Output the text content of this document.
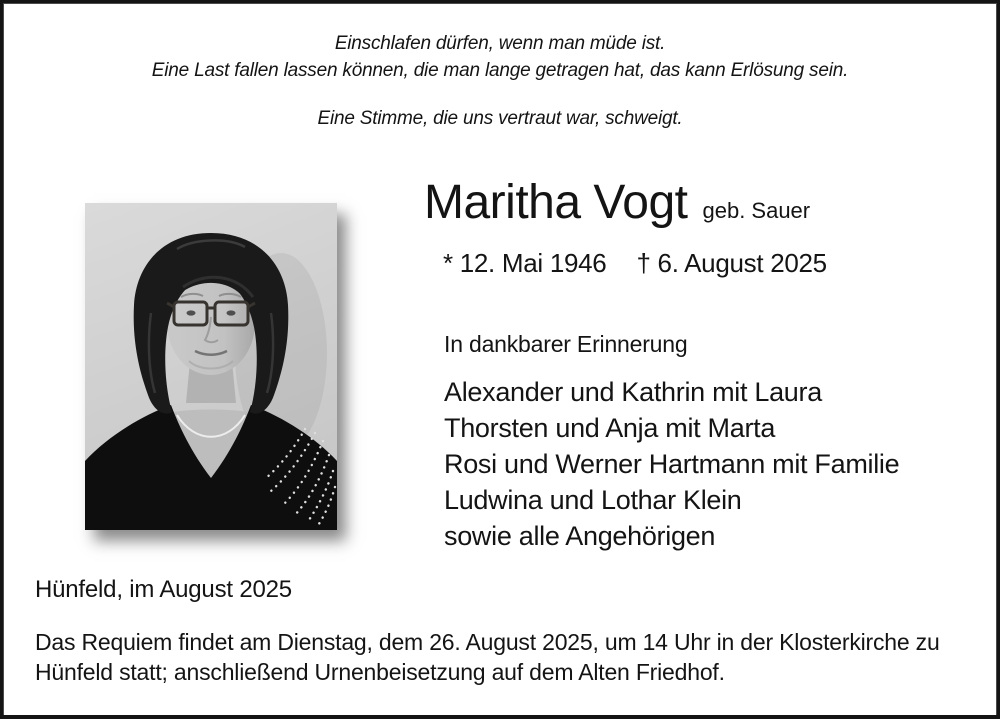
Einschlafen dürfen, wenn man müde ist.
Eine Last fallen lassen können, die man lange getragen hat, das kann Erlösung sein.
Eine Stimme, die uns vertraut war, schweigt.
Maritha Vogt geb. Sauer
* 12. Mai 1946 † 6. August 2025
In dankbarer Erinnerung
Alexander und Kathrin mit Laura
Thorsten und Anja mit Marta
Rosi und Werner Hartmann mit Familie
Ludwina und Lothar Klein
sowie alle Angehörigen
Hünfeld, im August 2025
Das Requiem findet am Dienstag, dem 26. August 2025, um 14 Uhr in der Klosterkirche zu Hünfeld statt; anschließend Urnenbeisetzung auf dem Alten Friedhof.
